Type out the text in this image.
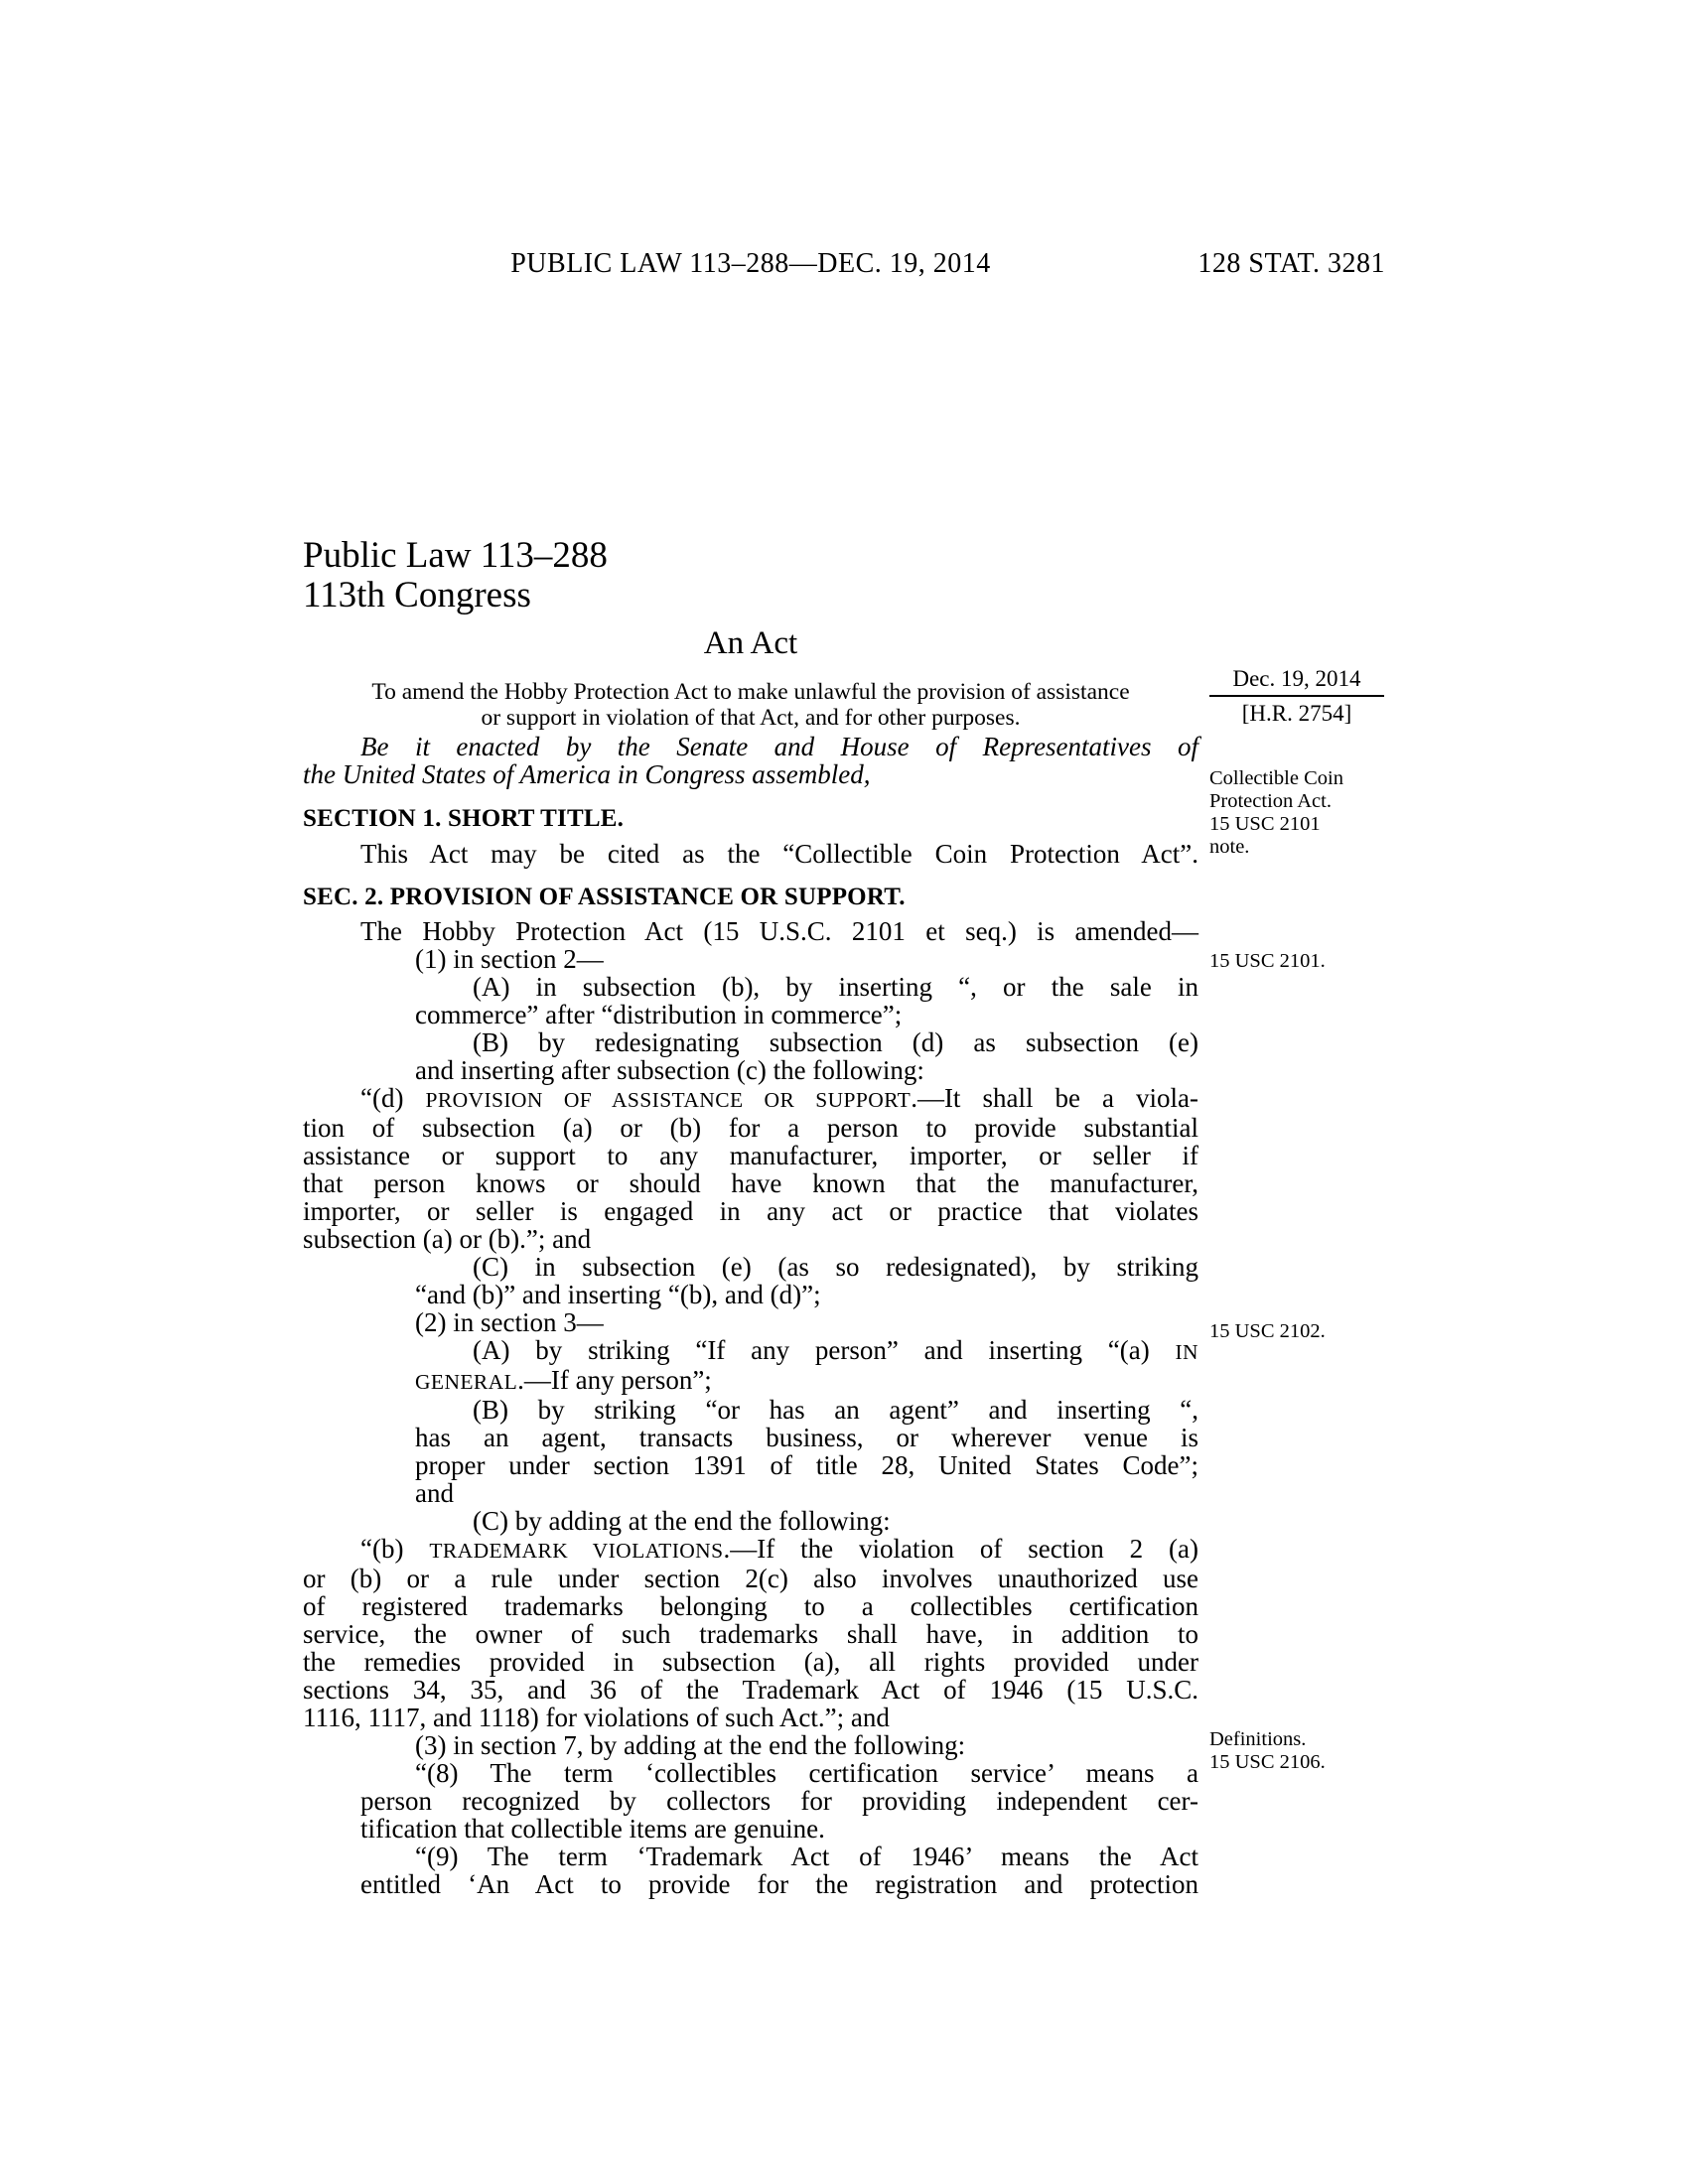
PUBLIC LAW 113–288—DEC. 19, 2014	128 STAT. 3281
Public Law 113–288
113th Congress
An Act
To amend the Hobby Protection Act to make unlawful the provision of assistance
or support in violation of that Act, and for other purposes.
Be it enacted by the Senate and House of Representatives of
the United States of America in Congress assembled,
SECTION 1. SHORT TITLE.
This Act may be cited as the “Collectible Coin Protection Act”.
SEC. 2. PROVISION OF ASSISTANCE OR SUPPORT.
The Hobby Protection Act (15 U.S.C. 2101 et seq.) is amended—
(1) in section 2—
(A) in subsection (b), by inserting “, or the sale in
commerce” after “distribution in commerce”;
(B) by redesignating subsection (d) as subsection (e)
and inserting after subsection (c) the following:
“(d) PROVISION OF ASSISTANCE OR SUPPORT.—It shall be a viola-
tion of subsection (a) or (b) for a person to provide substantial
assistance or support to any manufacturer, importer, or seller if
that person knows or should have known that the manufacturer,
importer, or seller is engaged in any act or practice that violates
subsection (a) or (b).”; and
(C) in subsection (e) (as so redesignated), by striking
“and (b)” and inserting “(b), and (d)”;
(2) in section 3—
(A) by striking “If any person” and inserting “(a) IN
GENERAL.—If any person”;
(B) by striking “or has an agent” and inserting “,
has an agent, transacts business, or wherever venue is
proper under section 1391 of title 28, United States Code”;
and
(C) by adding at the end the following:
“(b) TRADEMARK VIOLATIONS.—If the violation of section 2 (a)
or (b) or a rule under section 2(c) also involves unauthorized use
of registered trademarks belonging to a collectibles certification
service, the owner of such trademarks shall have, in addition to
the remedies provided in subsection (a), all rights provided under
sections 34, 35, and 36 of the Trademark Act of 1946 (15 U.S.C.
1116, 1117, and 1118) for violations of such Act.”; and
(3) in section 7, by adding at the end the following:
“(8) The term ‘collectibles certification service’ means a
person recognized by collectors for providing independent cer-
tification that collectible items are genuine.
“(9) The term ‘Trademark Act of 1946’ means the Act
entitled ‘An Act to provide for the registration and protection
Dec. 19, 2014
[H.R. 2754]
Collectible Coin
Protection Act.
15 USC 2101
note.
15 USC 2101.
15 USC 2102.
Definitions.
15 USC 2106.
